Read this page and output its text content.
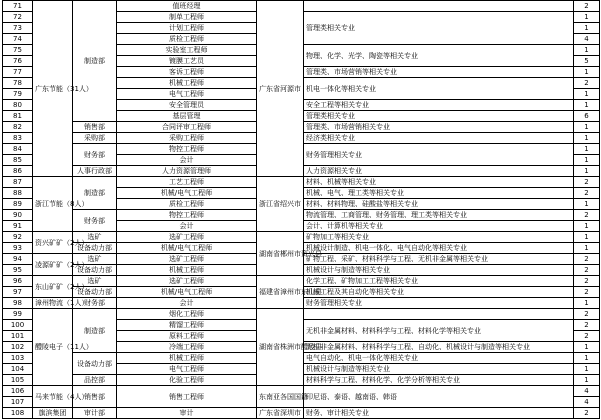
71	广东节能（31人）	制造部	值班经理	广东省河源市		2
72			制单工程师		管理类相关专业	1
73			计划工程师			1
74			质检工程师			4
75			实验室工程师		物理、化学、光学、陶瓷等相关专业	1
76			镀膜工艺员			5
77			客诉工程师		管理类、市场营销等相关专业	1
78			机械工程师		机电一体化等相关专业	2
79			电气工程师			1
80			安全管理员		安全工程等相关专业	1
81			基层管理		管理类相关专业	6
82		销售部	合同评审工程师		管理类、市场营销相关专业	1
83		采购部	采购工程师		经济类相关专业	1
84		财务部	物控工程师		财务管理相关专业	1
85			会计			1
86		人事行政部	人力资源管理师		人力资源相关专业	1
87	浙江节能（8人）	制造部	工艺工程师	浙江省绍兴市	材料、机械等相关专业	2
88			机械/电气工程师		机械、电气、理工类等相关专业	2
89			质检工程师		材料、材料物理、硅酸盐等相关专业	1
90		财务部	物控工程师		物流管理、工商管理、财务管理、理工类等相关专业	2
91			会计		会计、计算机等相关专业	1
92	资兴矿矿（2人）	选矿	选矿工程师	湖南省郴州市资兴县	矿物加工等相关专业	1
93		设备动力部	机械/电气工程师		机械设计制造、机电一体化、电气自动化等相关专业	1
94	凌源矿矿（2人）	选矿	选矿工程师		矿物工程、采矿、材料科学与工程、无机非金属等相关专业	2
95		设备动力部	机械工程师		机械设计与制造等相关专业	2
96	东山矿矿（2人）	选矿	选矿工程师	福建省漳州市东山县	化学工程、矿物加工工程等相关专业	2
97		设备动力部	机械/电气工程师		机械工程及其自动化等相关专业	2
98	漳州物流（1人）	财务部	会计		财务管理相关专业	1
99	醴陵电子（11人）	制造部	烟化工程师	湖南省株洲市醴陵县		2
100			精馏工程师		无机非金属材料、材料科学与工程、材料化学等相关专业	2
101			原料工程师			2
102			冷端工程师		无机非金属材料、材料科学与工程、自动化、机械设计与制造等相关专业	1
103		设备动力部	机械工程师		电气自动化、机电一体化等相关专业	1
104			电气工程师		机械设计与制造等相关专业	1
105		品控部	化验工程师		材料科学与工程、材料化学、化学分析等相关专业	1
106	马来节能（4人）	销售部	销售工程师	东南亚各国国籍	印尼语、泰语、越南语、韩语	4
107						4
108	旗滨集团	审计部	审计	广东省深圳市	财务、审计相关专业	2
